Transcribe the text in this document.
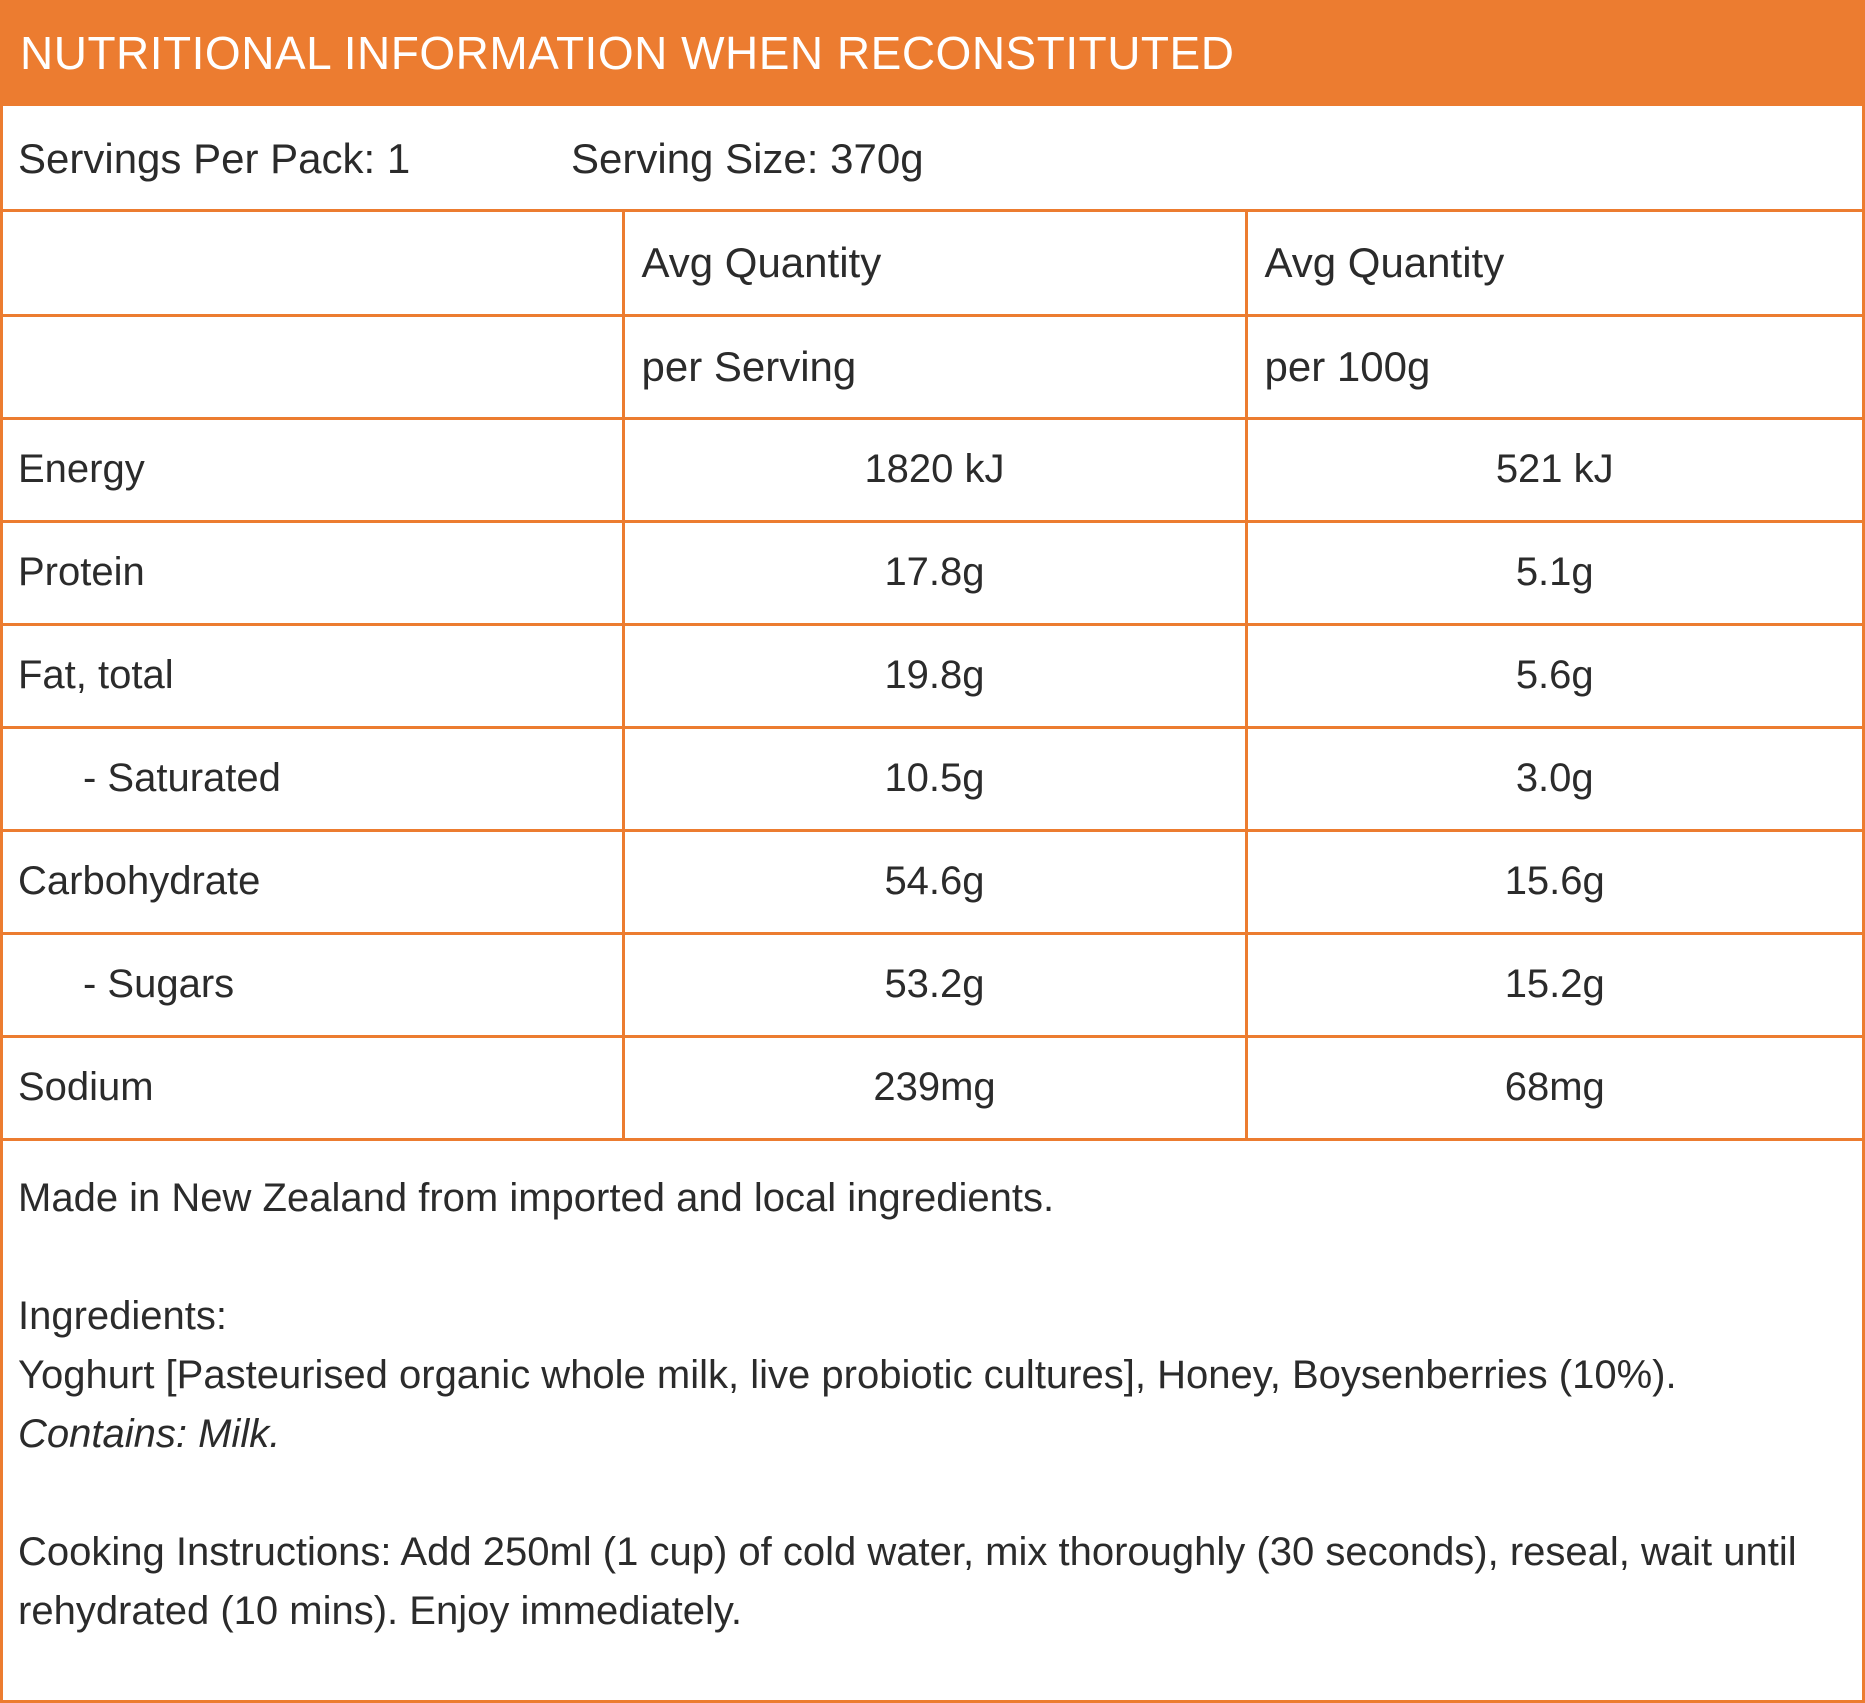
NUTRITIONAL INFORMATION WHEN RECONSTITUTED
Servings Per Pack: 1	Serving Size: 370g
	Avg Quantity	Avg Quantity
	per Serving	per 100g
Energy	1820 kJ	521 kJ
Protein	17.8g	5.1g
Fat, total	19.8g	5.6g
- Saturated	10.5g	3.0g
Carbohydrate	54.6g	15.6g
- Sugars	53.2g	15.2g
Sodium	239mg	68mg

Made in New Zealand from imported and local ingredients.

Ingredients:

Yoghurt [Pasteurised organic whole milk, live probiotic cultures], Honey, Boysenberries (10%).

Contains: Milk.

Cooking Instructions: Add 250ml (1 cup) of cold water, mix thoroughly (30 seconds), reseal, wait until rehydrated (10 mins). Enjoy immediately.
